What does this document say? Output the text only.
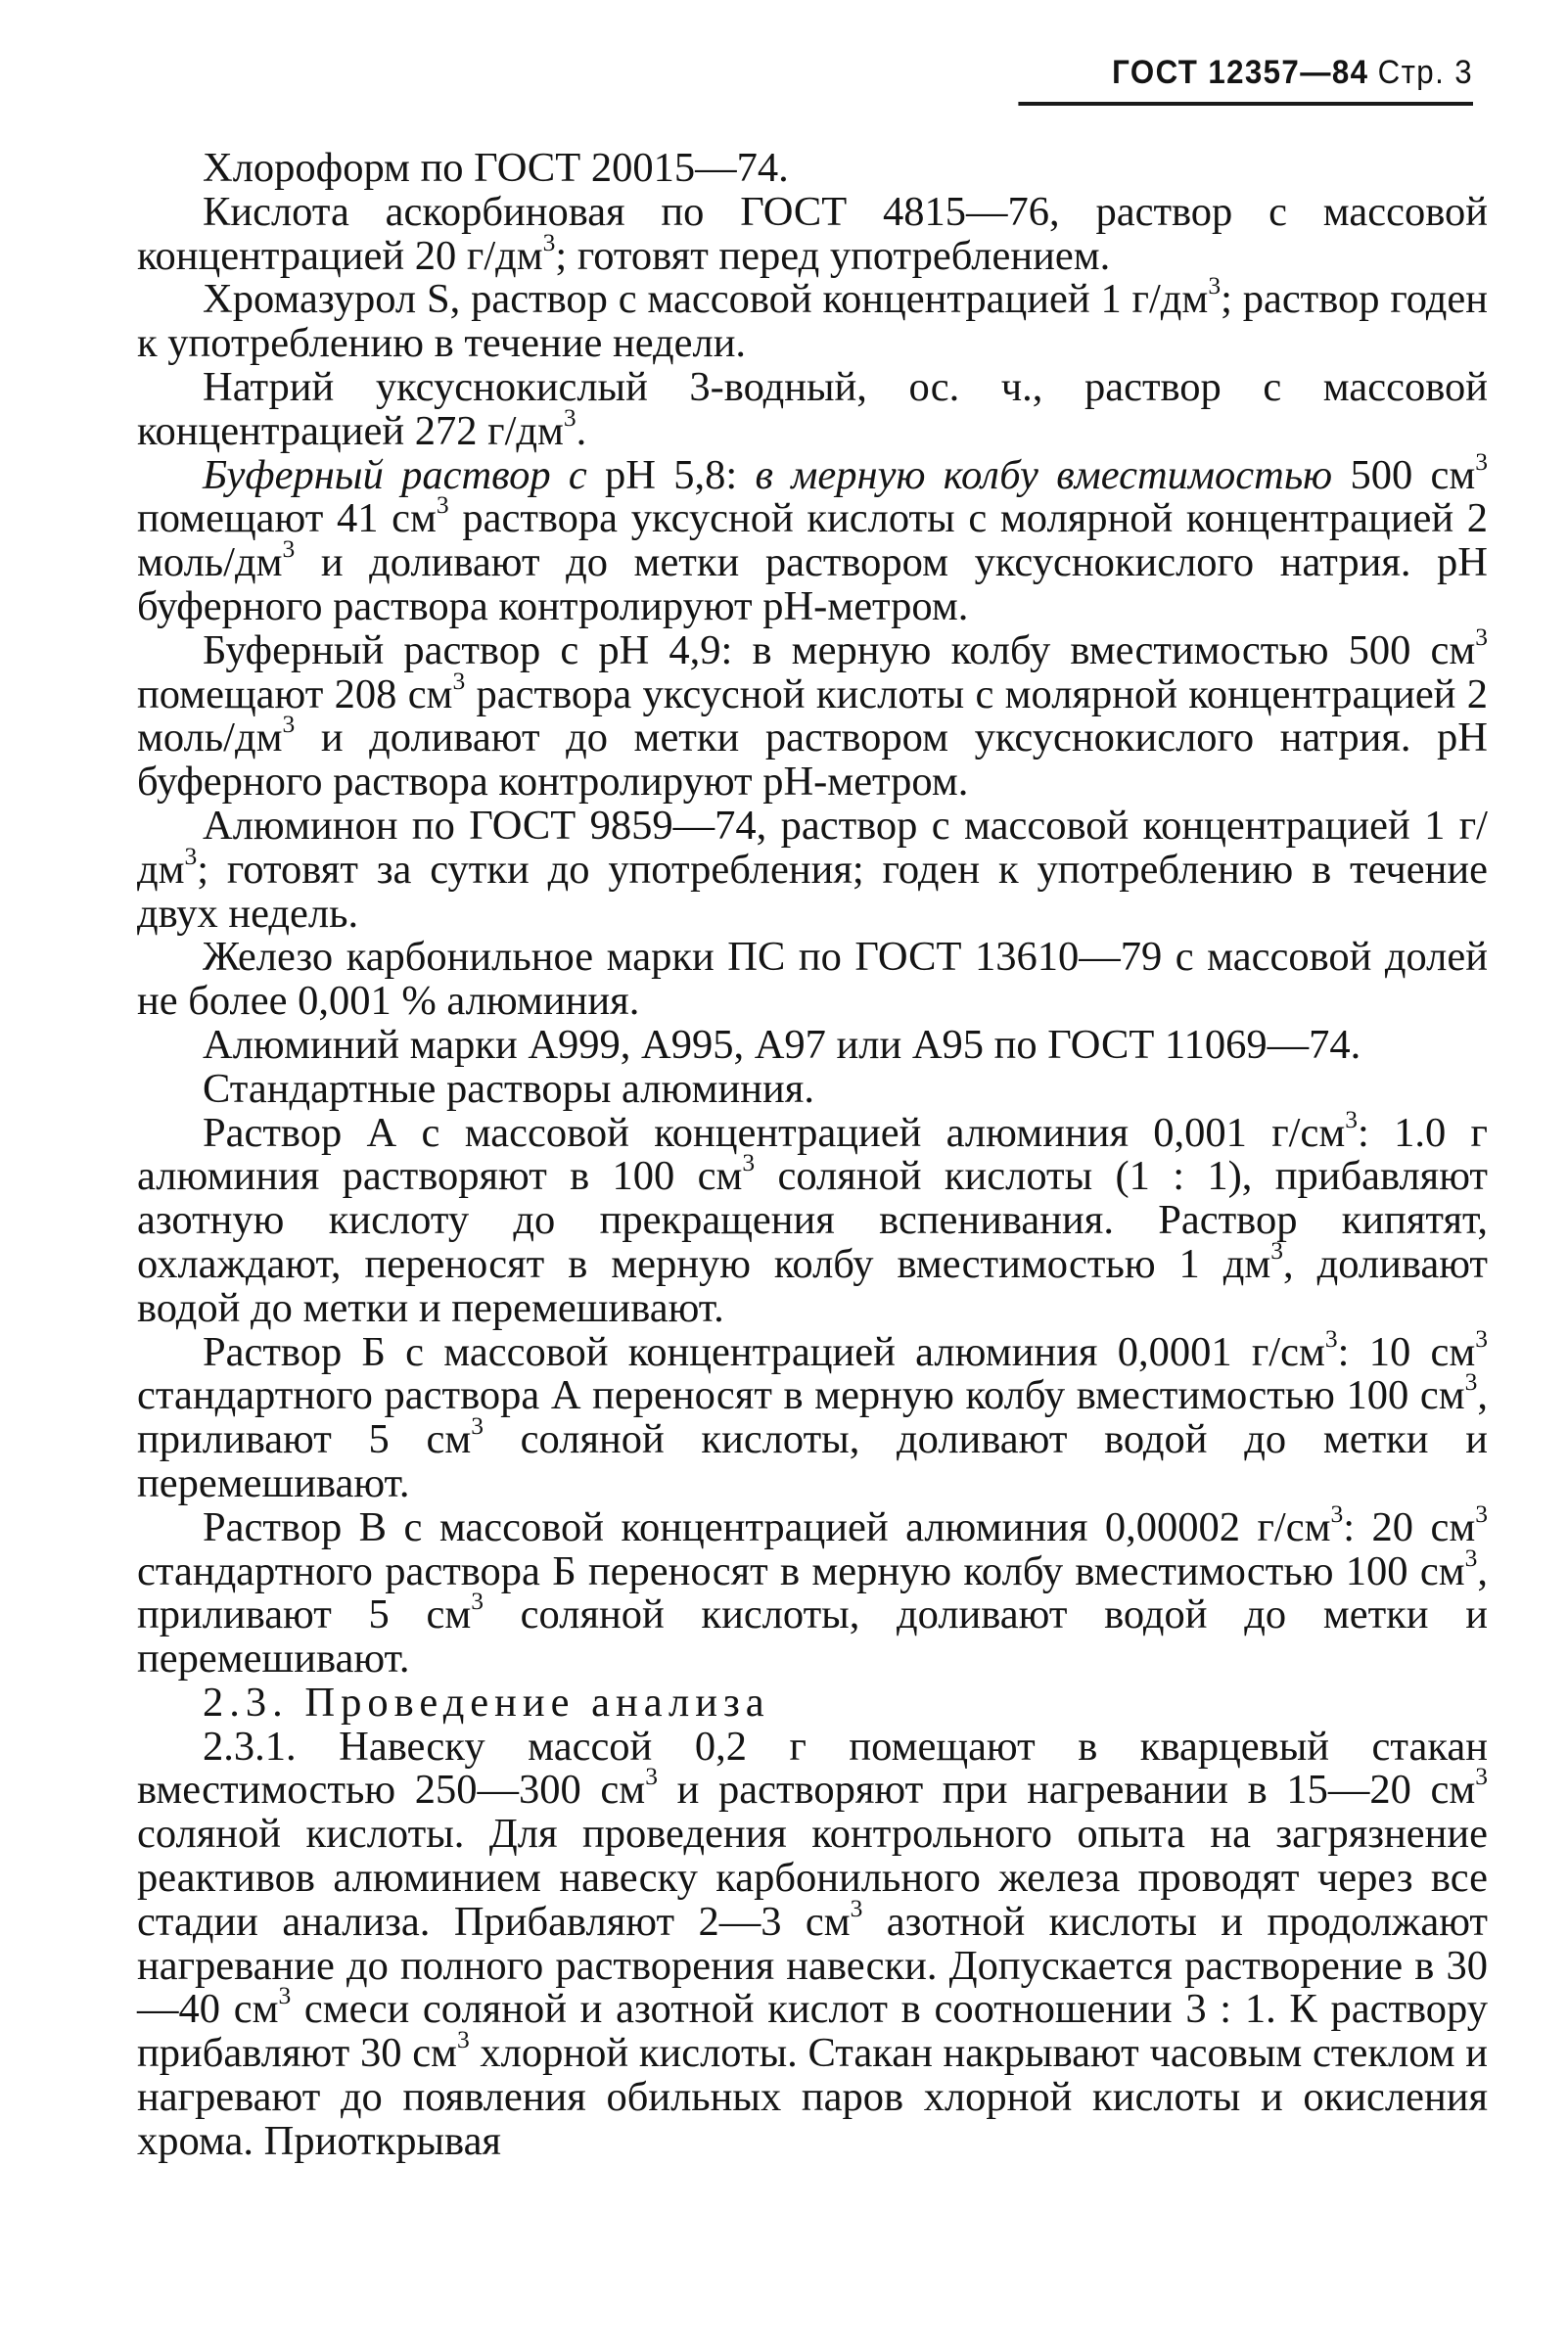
ГОСТ 12357—84 Стр. 3

Хлороформ по ГОСТ 20015—74.

Кислота аскорбиновая по ГОСТ 4815—76, раствор с массовой концентрацией 20 $г/дм^3$; готовят перед употреблением.

Хромазурол S, раствор с массовой концентрацией 1 $г/дм^3$; раствор годен к употреблению в течение недели.

Натрий уксуснокислый 3-водный, ос. ч., раствор с массовой концентрацией 272 $г/дм^3$.

Буферный раствор с pH 5,8: в мерную колбу вместимостью 500 $см^3$ помещают 41 $см^3$ раствора уксусной кислоты с молярной концентрацией 2 моль/$дм^3$ и доливают до метки раствором уксуснокислого натрия. pH буферного раствора контролируют pH-метром.

Буферный раствор с pH 4,9: в мерную колбу вместимостью 500 $см^3$ помещают 208 $см^3$ раствора уксусной кислоты с молярной концентрацией 2 моль/$дм^3$ и доливают до метки раствором уксуснокислого натрия. pH буферного раствора контролируют pH-метром.

Алюминон по ГОСТ 9859—74, раствор с массовой концентрацией 1 $г/дм^3$; готовят за сутки до употребления; годен к употреблению в течение двух недель.

Железо карбонильное марки ПС по ГОСТ 13610—79 с массовой долей не более 0,001 % алюминия.

Алюминий марки А999, А995, А97 или А95 по ГОСТ 11069—74.

Стандартные растворы алюминия.

Раствор А с массовой концентрацией алюминия 0,001 $г/см^3$: 1.0 г алюминия растворяют в 100 $см^3$ соляной кислоты (1 : 1), прибавляют азотную кислоту до прекращения вспенивания. Раствор кипятят, охлаждают, переносят в мерную колбу вместимостью 1 $дм^3$, доливают водой до метки и перемешивают.

Раствор Б с массовой концентрацией алюминия 0,0001 $г/см^3$: 10 $см^3$ стандартного раствора А переносят в мерную колбу вместимостью 100 $см^3$, приливают 5 $см^3$ соляной кислоты, доливают водой до метки и перемешивают.

Раствор В с массовой концентрацией алюминия 0,00002 $г/см^3$: 20 $см^3$ стандартного раствора Б переносят в мерную колбу вместимостью 100 $см^3$, приливают 5 $см^3$ соляной кислоты, доливают водой до метки и перемешивают.

2.3. Проведение анализа

2.3.1. Навеску массой 0,2 г помещают в кварцевый стакан вместимостью 250—300 $см^3$ и растворяют при нагревании в 15—20 $см^3$ соляной кислоты. Для проведения контрольного опыта на загрязнение реактивов алюминием навеску карбонильного железа проводят через все стадии анализа. Прибавляют 2—3 $см^3$ азотной кислоты и продолжают нагревание до полного растворения навески. Допускается растворение в 30—40 $см^3$ смеси соляной и азотной кислот в соотношении 3 : 1. К раствору прибавляют 30 $см^3$ хлорной кислоты. Стакан накрывают часовым стеклом и нагревают до появления обильных паров хлорной кислоты и окисления хрома. Приоткрывая
